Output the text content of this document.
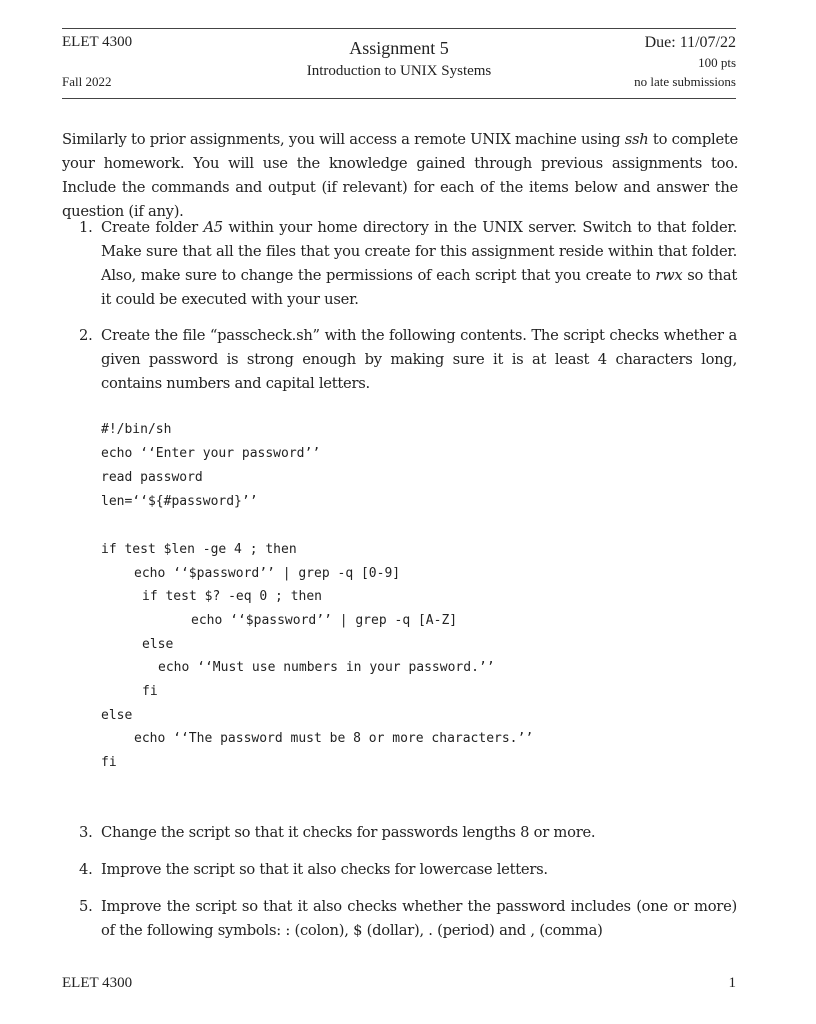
ELET 4300
Fall 2022
Assignment 5
Introduction to UNIX Systems
Due: 11/07/22
100 pts
no late submissions
Similarly to prior assignments, you will access a remote UNIX machine using ssh to complete your homework. You will use the knowledge gained through previous assignments too. Include the commands and output (if relevant) for each of the items below and answer the question (if any).
1. Create folder A5 within your home directory in the UNIX server. Switch to that folder. Make sure that all the files that you create for this assignment reside within that folder. Also, make sure to change the permissions of each script that you create to rwx so that it could be executed with your user.
2. Create the file “passcheck.sh” with the following contents. The script checks whether a given password is strong enough by making sure it is at least 4 characters long, contains numbers and capital letters.
#!/bin/sh
echo ‘‘Enter your password’’
read password
len=‘‘${#password}’’
if test $len -ge 4 ; then
echo ‘‘$password’’ | grep -q [0-9]
if test $? -eq 0 ; then
echo ‘‘$password’’ | grep -q [A-Z]
else
echo ‘‘Must use numbers in your password.’’
fi
else
echo ‘‘The password must be 8 or more characters.’’
fi
3. Change the script so that it checks for passwords lengths 8 or more.
4. Improve the script so that it also checks for lowercase letters.
5. Improve the script so that it also checks whether the password includes (one or more) of the following symbols: : (colon), $ (dollar), . (period) and , (comma)
ELET 4300	1
